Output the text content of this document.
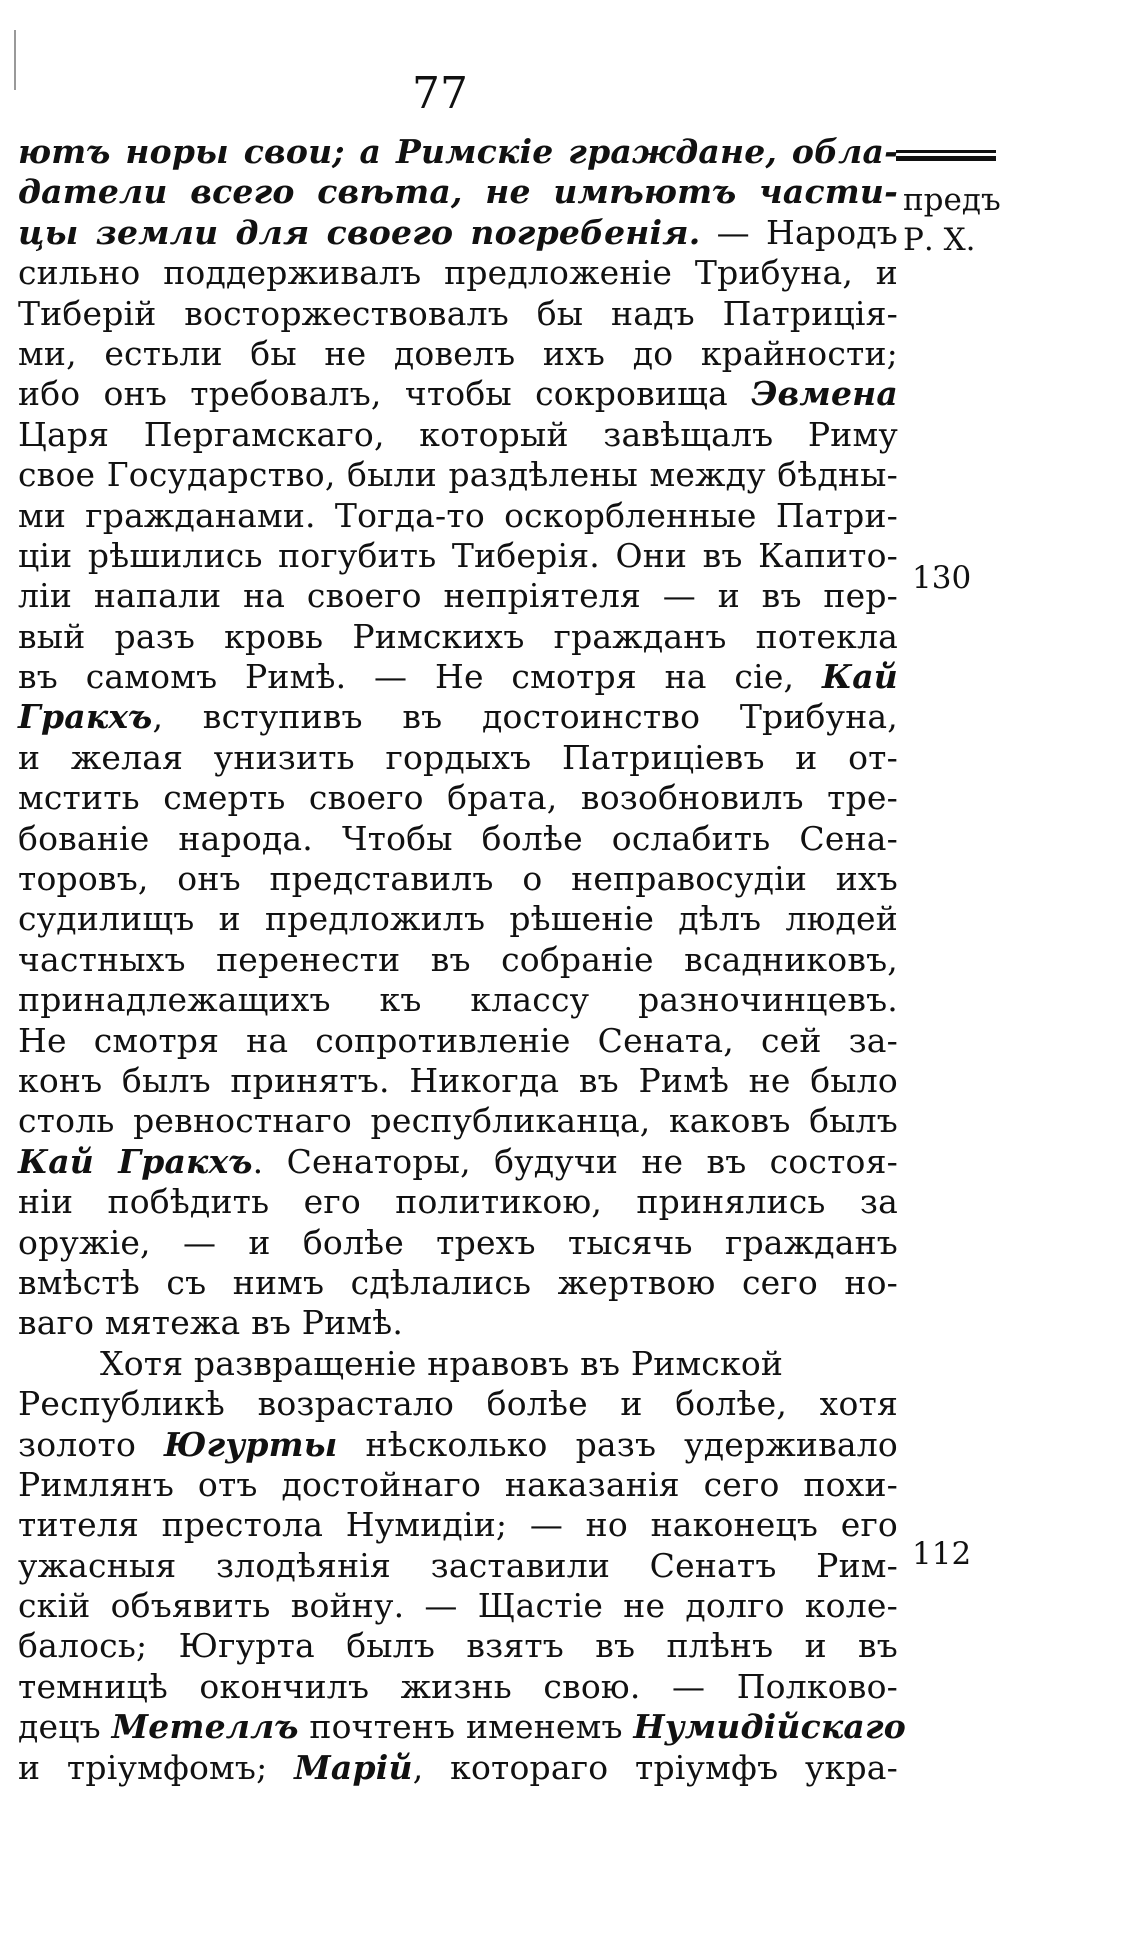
77
предъ
Р. Х.
130
112
ютъ норы свои; а Римскіе граждане, обла-
датели всего свѣта, не имѣютъ части-
цы земли для своего погребенія. — Народъ
сильно поддерживалъ предложеніе Трибуна, и
Тиберій восторжествовалъ бы надъ Патриція-
ми, естьли бы не довелъ ихъ до крайности;
ибо онъ требовалъ, чтобы сокровища Эвмена
Царя Пергамскаго, который завѣщалъ Риму
свое Государство, были раздѣлены между бѣдны-
ми гражданами. Тогда-то оскорбленные Патри-
ціи рѣшились погубить Тиберія. Они въ Капито-
ліи напали на своего непріятеля — и въ пер-
вый разъ кровь Римскихъ гражданъ потекла
въ самомъ Римѣ. — Не смотря на сіе, Кай
Гракхъ, вступивъ въ достоинство Трибуна,
и желая унизить гордыхъ Патриціевъ и от-
мстить смерть своего брата, возобновилъ тре-
бованіе народа. Чтобы болѣе ослабить Сена-
торовъ, онъ представилъ о неправосудіи ихъ
судилищъ и предложилъ рѣшеніе дѣлъ людей
частныхъ перенести въ собраніе всадниковъ,
принадлежащихъ къ классу разночинцевъ.
Не смотря на сопротивленіе Сената, сей за-
конъ былъ принятъ. Никогда въ Римѣ не было
столь ревностнаго республиканца, каковъ былъ
Кай Гракхъ. Сенаторы, будучи не въ состоя-
ніи побѣдить его политикою, принялись за
оружіе, — и болѣе трехъ тысячь гражданъ
вмѣстѣ съ нимъ сдѣлались жертвою сего но-
ваго мятежа въ Римѣ.
Хотя развращеніе нравовъ въ Римской
Республикѣ возрастало болѣе и болѣе, хотя
золото Югурты нѣсколько разъ удерживало
Римлянъ отъ достойнаго наказанія сего похи-
тителя престола Нумидіи; — но наконецъ его
ужасныя злодѣянія заставили Сенатъ Рим-
скій объявить войну. — Щастіе не долго коле-
балось; Югурта былъ взятъ въ плѣнъ и въ
темницѣ окончилъ жизнь свою. — Полково-
децъ Метеллъ почтенъ именемъ Нумидійскаго
и тріумфомъ; Марій, котораго тріумфъ укра-
